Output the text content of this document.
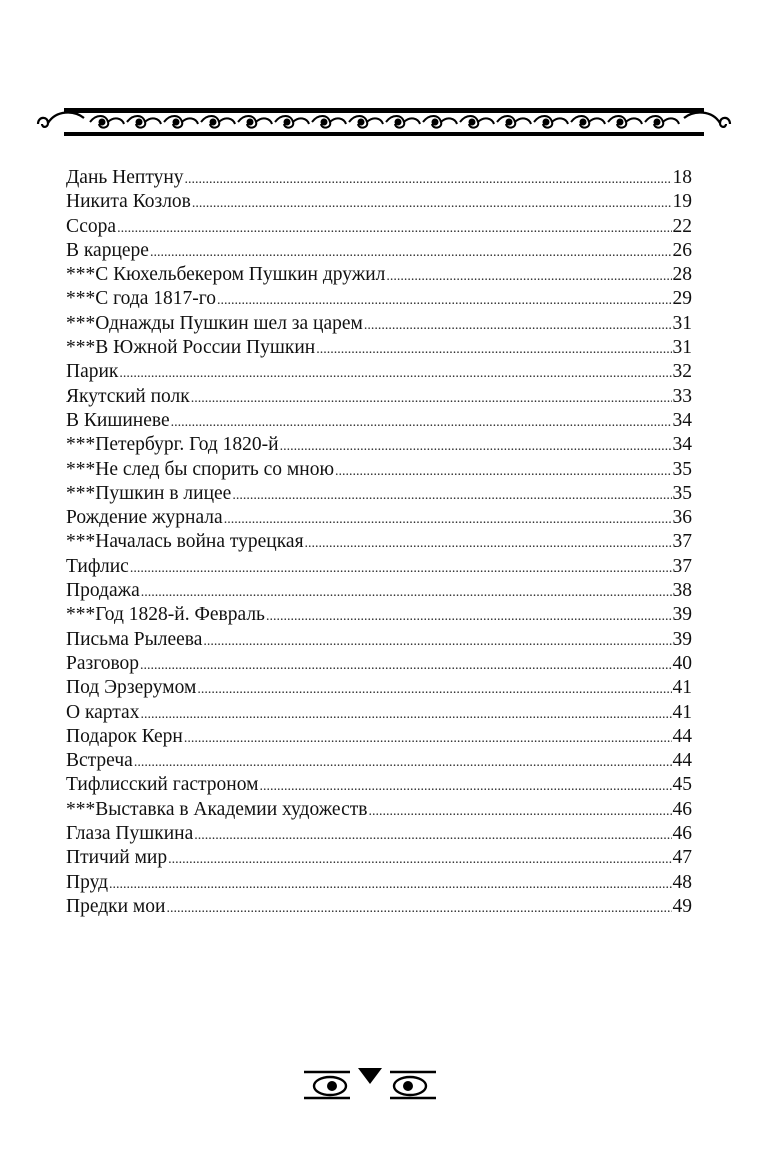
Дань Нептуну .....	18
Никита Козлов .....	19
Ссора .....	22
В карцере .....	26
***С Кюхельбекером Пушкин дружил .....	28
***С года 1817-го .....	29
***Однажды Пушкин шел за царем .....	31
***В Южной России Пушкин .....	31
Парик .....	32
Якутский полк .....	33
В Кишиневе .....	34
***Петербург. Год 1820-й .....	34
***Не след бы спорить со мною .....	35
***Пушкин в лицее .....	35
Рождение журнала .....	36
***Началась война турецкая .....	37
Тифлис .....	37
Продажа .....	38
***Год 1828-й. Февраль .....	39
Письма Рылеева .....	39
Разговор .....	40
Под Эрзерумом .....	41
О картах .....	41
Подарок Керн .....	44
Встреча .....	44
Тифлисский гастроном .....	45
***Выставка в Академии художеств .....	46
Глаза Пушкина .....	46
Птичий мир .....	47
Пруд .....	48
Предки мои .....	49
